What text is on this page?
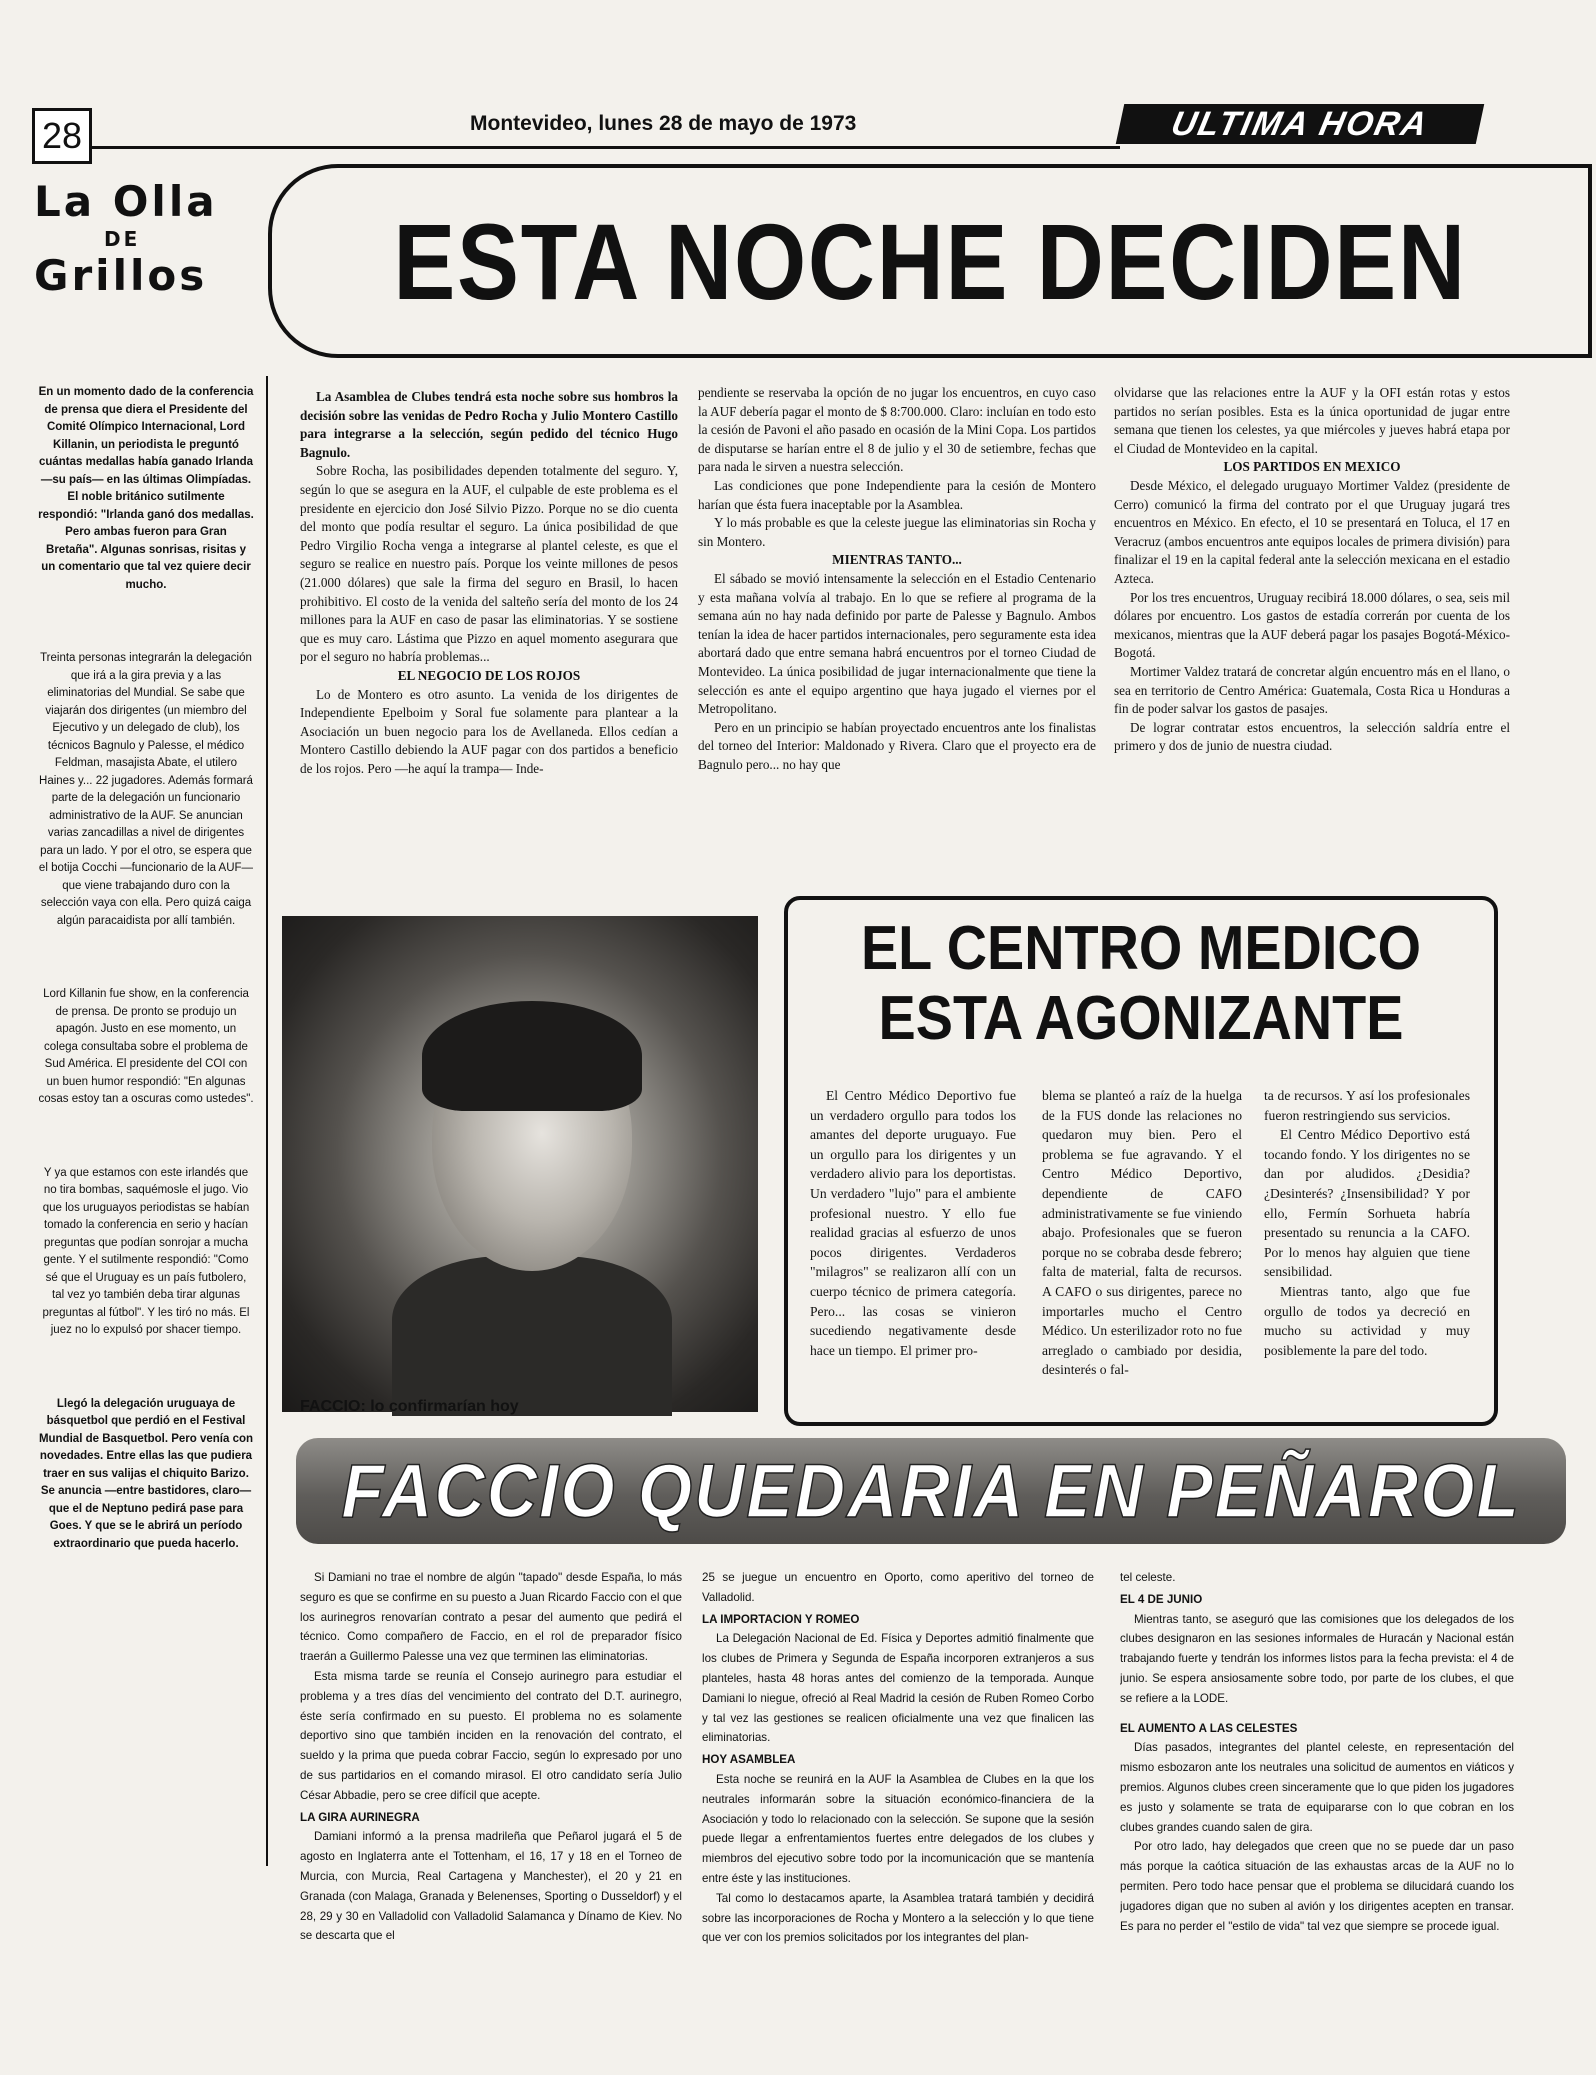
28	Montevideo, lunes 28 de mayo de 1973	ULTIMA HORA
La Olla
DE
Grillos	ESTA NOCHE DECIDEN

En un momento dado de la conferencia de prensa que diera el Presidente del Comité Olímpico Internacional, Lord Killanin, un periodista le preguntó cuántas medallas había ganado Irlanda —su país— en las últimas Olimpíadas. El noble británico sutilmente respondió: "Irlanda ganó dos medallas. Pero ambas fueron para Gran Bretaña". Algunas sonrisas, risitas y un comentario que tal vez quiere decir mucho.

Treinta personas integrarán la delegación que irá a la gira previa y a las eliminatorias del Mundial. Se sabe que viajarán dos dirigentes (un miembro del Ejecutivo y un delegado de club), los técnicos Bagnulo y Palesse, el médico Feldman, masajista Abate, el utilero Haines y... 22 jugadores. Además formará parte de la delegación un funcionario administrativo de la AUF. Se anuncian varias zancadillas a nivel de dirigentes para un lado. Y por el otro, se espera que el botija Cocchi —funcionario de la AUF— que viene trabajando duro con la selección vaya con ella. Pero quizá caiga algún paracaidista por allí también.

Lord Killanin fue show, en la conferencia de prensa. De pronto se produjo un apagón. Justo en ese momento, un colega consultaba sobre el problema de Sud América. El presidente del COI con un buen humor respondió: "En algunas cosas estoy tan a oscuras como ustedes".

Y ya que estamos con este irlandés que no tira bombas, saquémosle el jugo. Vio que los uruguayos periodistas se habían tomado la conferencia en serio y hacían preguntas que podían sonrojar a mucha gente. Y el sutilmente respondió: "Como sé que el Uruguay es un país futbolero, tal vez yo también deba tirar algunas preguntas al fútbol". Y les tiró no más. El juez no lo expulsó por shacer tiempo.

Llegó la delegación uruguaya de básquetbol que perdió en el Festival Mundial de Basquetbol. Pero venía con novedades. Entre ellas las que pudiera traer en sus valijas el chiquito Barizo. Se anuncia —entre bastidores, claro— que el de Neptuno pedirá pase para Goes. Y que se le abrirá un período extraordinario que pueda hacerlo.

La Asamblea de Clubes tendrá esta noche sobre sus hombros la decisión sobre las venidas de Pedro Rocha y Julio Montero Castillo para integrarse a la selección, según pedido del técnico Hugo Bagnulo.

Sobre Rocha, las posibilidades dependen totalmente del seguro. Y, según lo que se asegura en la AUF, el culpable de este problema es el presidente en ejercicio don José Silvio Pizzo. Porque no se dio cuenta del monto que podía resultar el seguro. La única posibilidad de que Pedro Virgilio Rocha venga a integrarse al plantel celeste, es que el seguro se realice en nuestro país. Porque los veinte millones de pesos (21.000 dólares) que sale la firma del seguro en Brasil, lo hacen prohibitivo. El costo de la venida del salteño sería del monto de los 24 millones para la AUF en caso de pasar las eliminatorias. Y se sostiene que es muy caro. Lástima que Pizzo en aquel momento asegurara que por el seguro no habría problemas...

EL NEGOCIO DE LOS ROJOS

Lo de Montero es otro asunto. La venida de los dirigentes de Independiente Epelboim y Soral fue solamente para plantear a la Asociación un buen negocio para los de Avellaneda. Ellos cedían a Montero Castillo debiendo la AUF pagar con dos partidos a beneficio de los rojos. Pero —he aquí la trampa— Inde-

pendiente se reservaba la opción de no jugar los encuentros, en cuyo caso la AUF debería pagar el monto de $ 8:700.000. Claro: incluían en todo esto la cesión de Pavoni el año pasado en ocasión de la Mini Copa. Los partidos de disputarse se harían entre el 8 de julio y el 30 de setiembre, fechas que para nada le sirven a nuestra selección.

Las condiciones que pone Independiente para la cesión de Montero harían que ésta fuera inaceptable por la Asamblea.

Y lo más probable es que la celeste juegue las eliminatorias sin Rocha y sin Montero.

MIENTRAS TANTO...

El sábado se movió intensamente la selección en el Estadio Centenario y esta mañana volvía al trabajo. En lo que se refiere al programa de la semana aún no hay nada definido por parte de Palesse y Bagnulo. Ambos tenían la idea de hacer partidos internacionales, pero seguramente esta idea abortará dado que entre semana habrá encuentros por el torneo Ciudad de Montevideo. La única posibilidad de jugar internacionalmente que tiene la selección es ante el equipo argentino que haya jugado el viernes por el Metropolitano.

Pero en un principio se habían proyectado encuentros ante los finalistas del torneo del Interior: Maldonado y Rivera. Claro que el proyecto era de Bagnulo pero... no hay que

olvidarse que las relaciones entre la AUF y la OFI están rotas y estos partidos no serían posibles. Esta es la única oportunidad de jugar entre semana que tienen los celestes, ya que miércoles y jueves habrá etapa por el Ciudad de Montevideo en la capital.

LOS PARTIDOS EN MEXICO

Desde México, el delegado uruguayo Mortimer Valdez (presidente de Cerro) comunicó la firma del contrato por el que Uruguay jugará tres encuentros en México. En efecto, el 10 se presentará en Toluca, el 17 en Veracruz (ambos encuentros ante equipos locales de primera división) para finalizar el 19 en la capital federal ante la selección mexicana en el estadio Azteca.

Por los tres encuentros, Uruguay recibirá 18.000 dólares, o sea, seis mil dólares por encuentro. Los gastos de estadía correrán por cuenta de los mexicanos, mientras que la AUF deberá pagar los pasajes Bogotá-México-Bogotá.

Mortimer Valdez tratará de concretar algún encuentro más en el llano, o sea en territorio de Centro América: Guatemala, Costa Rica u Honduras a fin de poder salvar los gastos de pasajes.

De lograr contratar estos encuentros, la selección saldría entre el primero y dos de junio de nuestra ciudad.

FACCIO: lo confirmarían hoy
EL CENTRO MEDICO
ESTA AGONIZANTE

El Centro Médico Deportivo fue un verdadero orgullo para todos los amantes del deporte uruguayo. Fue un orgullo para los dirigentes y un verdadero alivio para los deportistas. Un verdadero "lujo" para el ambiente profesional nuestro. Y ello fue realidad gracias al esfuerzo de unos pocos dirigentes. Verdaderos "milagros" se realizaron allí con un cuerpo técnico de primera categoría. Pero... las cosas se vinieron sucediendo negativamente desde hace un tiempo. El primer pro-

blema se planteó a raíz de la huelga de la FUS donde las relaciones no quedaron muy bien. Pero el problema se fue agravando. Y el Centro Médico Deportivo, dependiente de CAFO administrativamente se fue viniendo abajo. Profesionales que se fueron porque no se cobraba desde febrero; falta de material, falta de recursos. A CAFO o sus dirigentes, parece no importarles mucho el Centro Médico. Un esterilizador roto no fue arreglado o cambiado por desidia, desinterés o fal-

ta de recursos. Y así los profesionales fueron restringiendo sus servicios.

El Centro Médico Deportivo está tocando fondo. Y los dirigentes no se dan por aludidos. ¿Desidia? ¿Desinterés? ¿Insensibilidad? Y por ello, Fermín Sorhueta habría presentado su renuncia a la CAFO. Por lo menos hay alguien que tiene sensibilidad.

Mientras tanto, algo que fue orgullo de todos ya decreció en mucho su actividad y muy posiblemente la pare del todo.

FACCIO QUEDARIA EN PEÑAROL

Si Damiani no trae el nombre de algún "tapado" desde España, lo más seguro es que se confirme en su puesto a Juan Ricardo Faccio con el que los aurinegros renovarían contrato a pesar del aumento que pedirá el técnico. Como compañero de Faccio, en el rol de preparador físico traerán a Guillermo Palesse una vez que terminen las eliminatorias.

Esta misma tarde se reunía el Consejo aurinegro para estudiar el problema y a tres días del vencimiento del contrato del D.T. aurinegro, éste sería confirmado en su puesto. El problema no es solamente deportivo sino que también inciden en la renovación del contrato, el sueldo y la prima que pueda cobrar Faccio, según lo expresado por uno de sus partidarios en el comando mirasol. El otro candidato sería Julio César Abbadie, pero se cree difícil que acepte.

LA GIRA AURINEGRA

Damiani informó a la prensa madrileña que Peñarol jugará el 5 de agosto en Inglaterra ante el Tottenham, el 16, 17 y 18 en el Torneo de Murcia, con Murcia, Real Cartagena y Manchester), el 20 y 21 en Granada (con Malaga, Granada y Belenenses, Sporting o Dusseldorf) y el 28, 29 y 30 en Valladolid con Valladolid Salamanca y Dínamo de Kiev. No se descarta que el

25 se juegue un encuentro en Oporto, como aperitivo del torneo de Valladolid.

LA IMPORTACION Y ROMEO

La Delegación Nacional de Ed. Física y Deportes admitió finalmente que los clubes de Primera y Segunda de España incorporen extranjeros a sus planteles, hasta 48 horas antes del comienzo de la temporada. Aunque Damiani lo niegue, ofreció al Real Madrid la cesión de Ruben Romeo Corbo y tal vez las gestiones se realicen oficialmente una vez que finalicen las eliminatorias.

HOY ASAMBLEA

Esta noche se reunirá en la AUF la Asamblea de Clubes en la que los neutrales informarán sobre la situación económico-financiera de la Asociación y todo lo relacionado con la selección. Se supone que la sesión puede llegar a enfrentamientos fuertes entre delegados de los clubes y miembros del ejecutivo sobre todo por la incomunicación que se mantenía entre éste y las instituciones.

Tal como lo destacamos aparte, la Asamblea tratará también y decidirá sobre las incorporaciones de Rocha y Montero a la selección y lo que tiene que ver con los premios solicitados por los integrantes del plan-

tel celeste.

EL 4 DE JUNIO

Mientras tanto, se aseguró que las comisiones que los delegados de los clubes designaron en las sesiones informales de Huracán y Nacional están trabajando fuerte y tendrán los informes listos para la fecha prevista: el 4 de junio. Se espera ansiosamente sobre todo, por parte de los clubes, el que se refiere a la LODE.

EL AUMENTO A LAS CELESTES

Días pasados, integrantes del plantel celeste, en representación del mismo esbozaron ante los neutrales una solicitud de aumentos en viáticos y premios. Algunos clubes creen sinceramente que lo que piden los jugadores es justo y solamente se trata de equipararse con lo que cobran en los clubes grandes cuando salen de gira.

Por otro lado, hay delegados que creen que no se puede dar un paso más porque la caótica situación de las exhaustas arcas de la AUF no lo permiten. Pero todo hace pensar que el problema se dilucidará cuando los jugadores digan que no suben al avión y los dirigentes acepten en transar. Es para no perder el "estilo de vida" tal vez que siempre se procede igual.
